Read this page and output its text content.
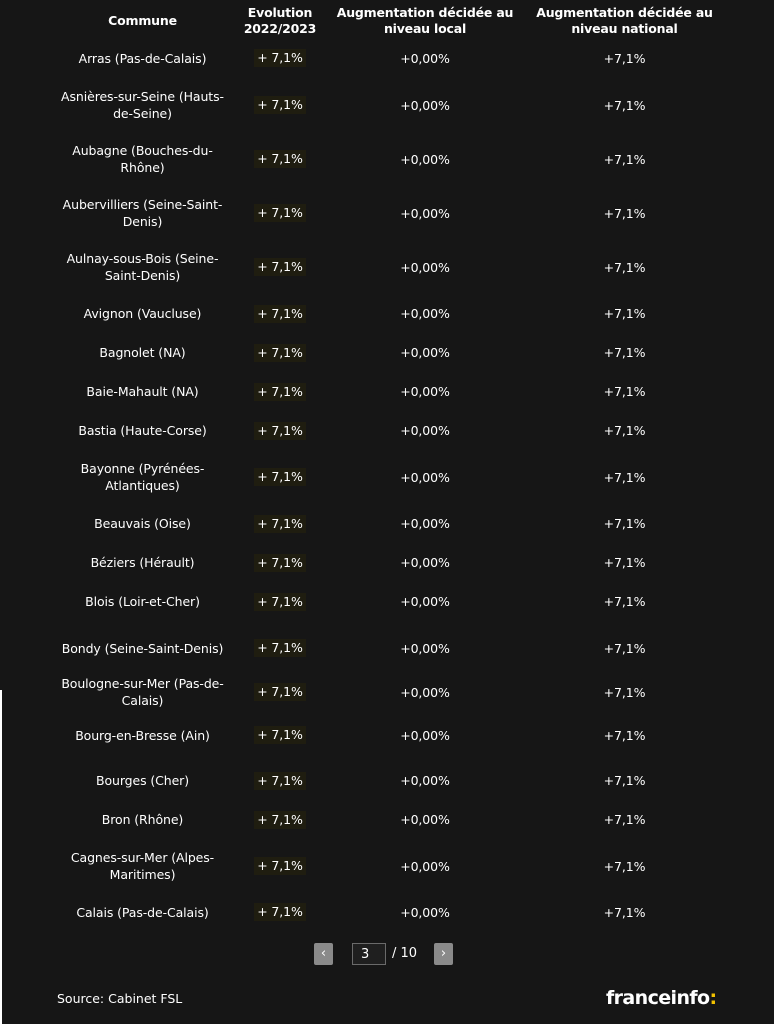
Commune	Evolution 2022/2023	Augmentation décidée au niveau local	Augmentation décidée au niveau national
Arras (Pas-de-Calais)	+ 7,1%	+0,00%	+7,1%
Asnières-sur-Seine (Hauts-de-Seine)	+ 7,1%	+0,00%	+7,1%
Aubagne (Bouches-du-Rhône)	+ 7,1%	+0,00%	+7,1%
Aubervilliers (Seine-Saint-Denis)	+ 7,1%	+0,00%	+7,1%
Aulnay-sous-Bois (Seine-Saint-Denis)	+ 7,1%	+0,00%	+7,1%
Avignon (Vaucluse)	+ 7,1%	+0,00%	+7,1%
Bagnolet (NA)	+ 7,1%	+0,00%	+7,1%
Baie-Mahault (NA)	+ 7,1%	+0,00%	+7,1%
Bastia (Haute-Corse)	+ 7,1%	+0,00%	+7,1%
Bayonne (Pyrénées-Atlantiques)	+ 7,1%	+0,00%	+7,1%
Beauvais (Oise)	+ 7,1%	+0,00%	+7,1%
Béziers (Hérault)	+ 7,1%	+0,00%	+7,1%
Blois (Loir-et-Cher)	+ 7,1%	+0,00%	+7,1%
Bondy (Seine-Saint-Denis)	+ 7,1%	+0,00%	+7,1%
Boulogne-sur-Mer (Pas-de-Calais)	+ 7,1%	+0,00%	+7,1%
Bourg-en-Bresse (Ain)	+ 7,1%	+0,00%	+7,1%
Bourges (Cher)	+ 7,1%	+0,00%	+7,1%
Bron (Rhône)	+ 7,1%	+0,00%	+7,1%
Cagnes-sur-Mer (Alpes-Maritimes)	+ 7,1%	+0,00%	+7,1%
Calais (Pas-de-Calais)	+ 7,1%	+0,00%	+7,1%
‹
3	/ 10	›
Source: Cabinet FSL	franceinfo:
